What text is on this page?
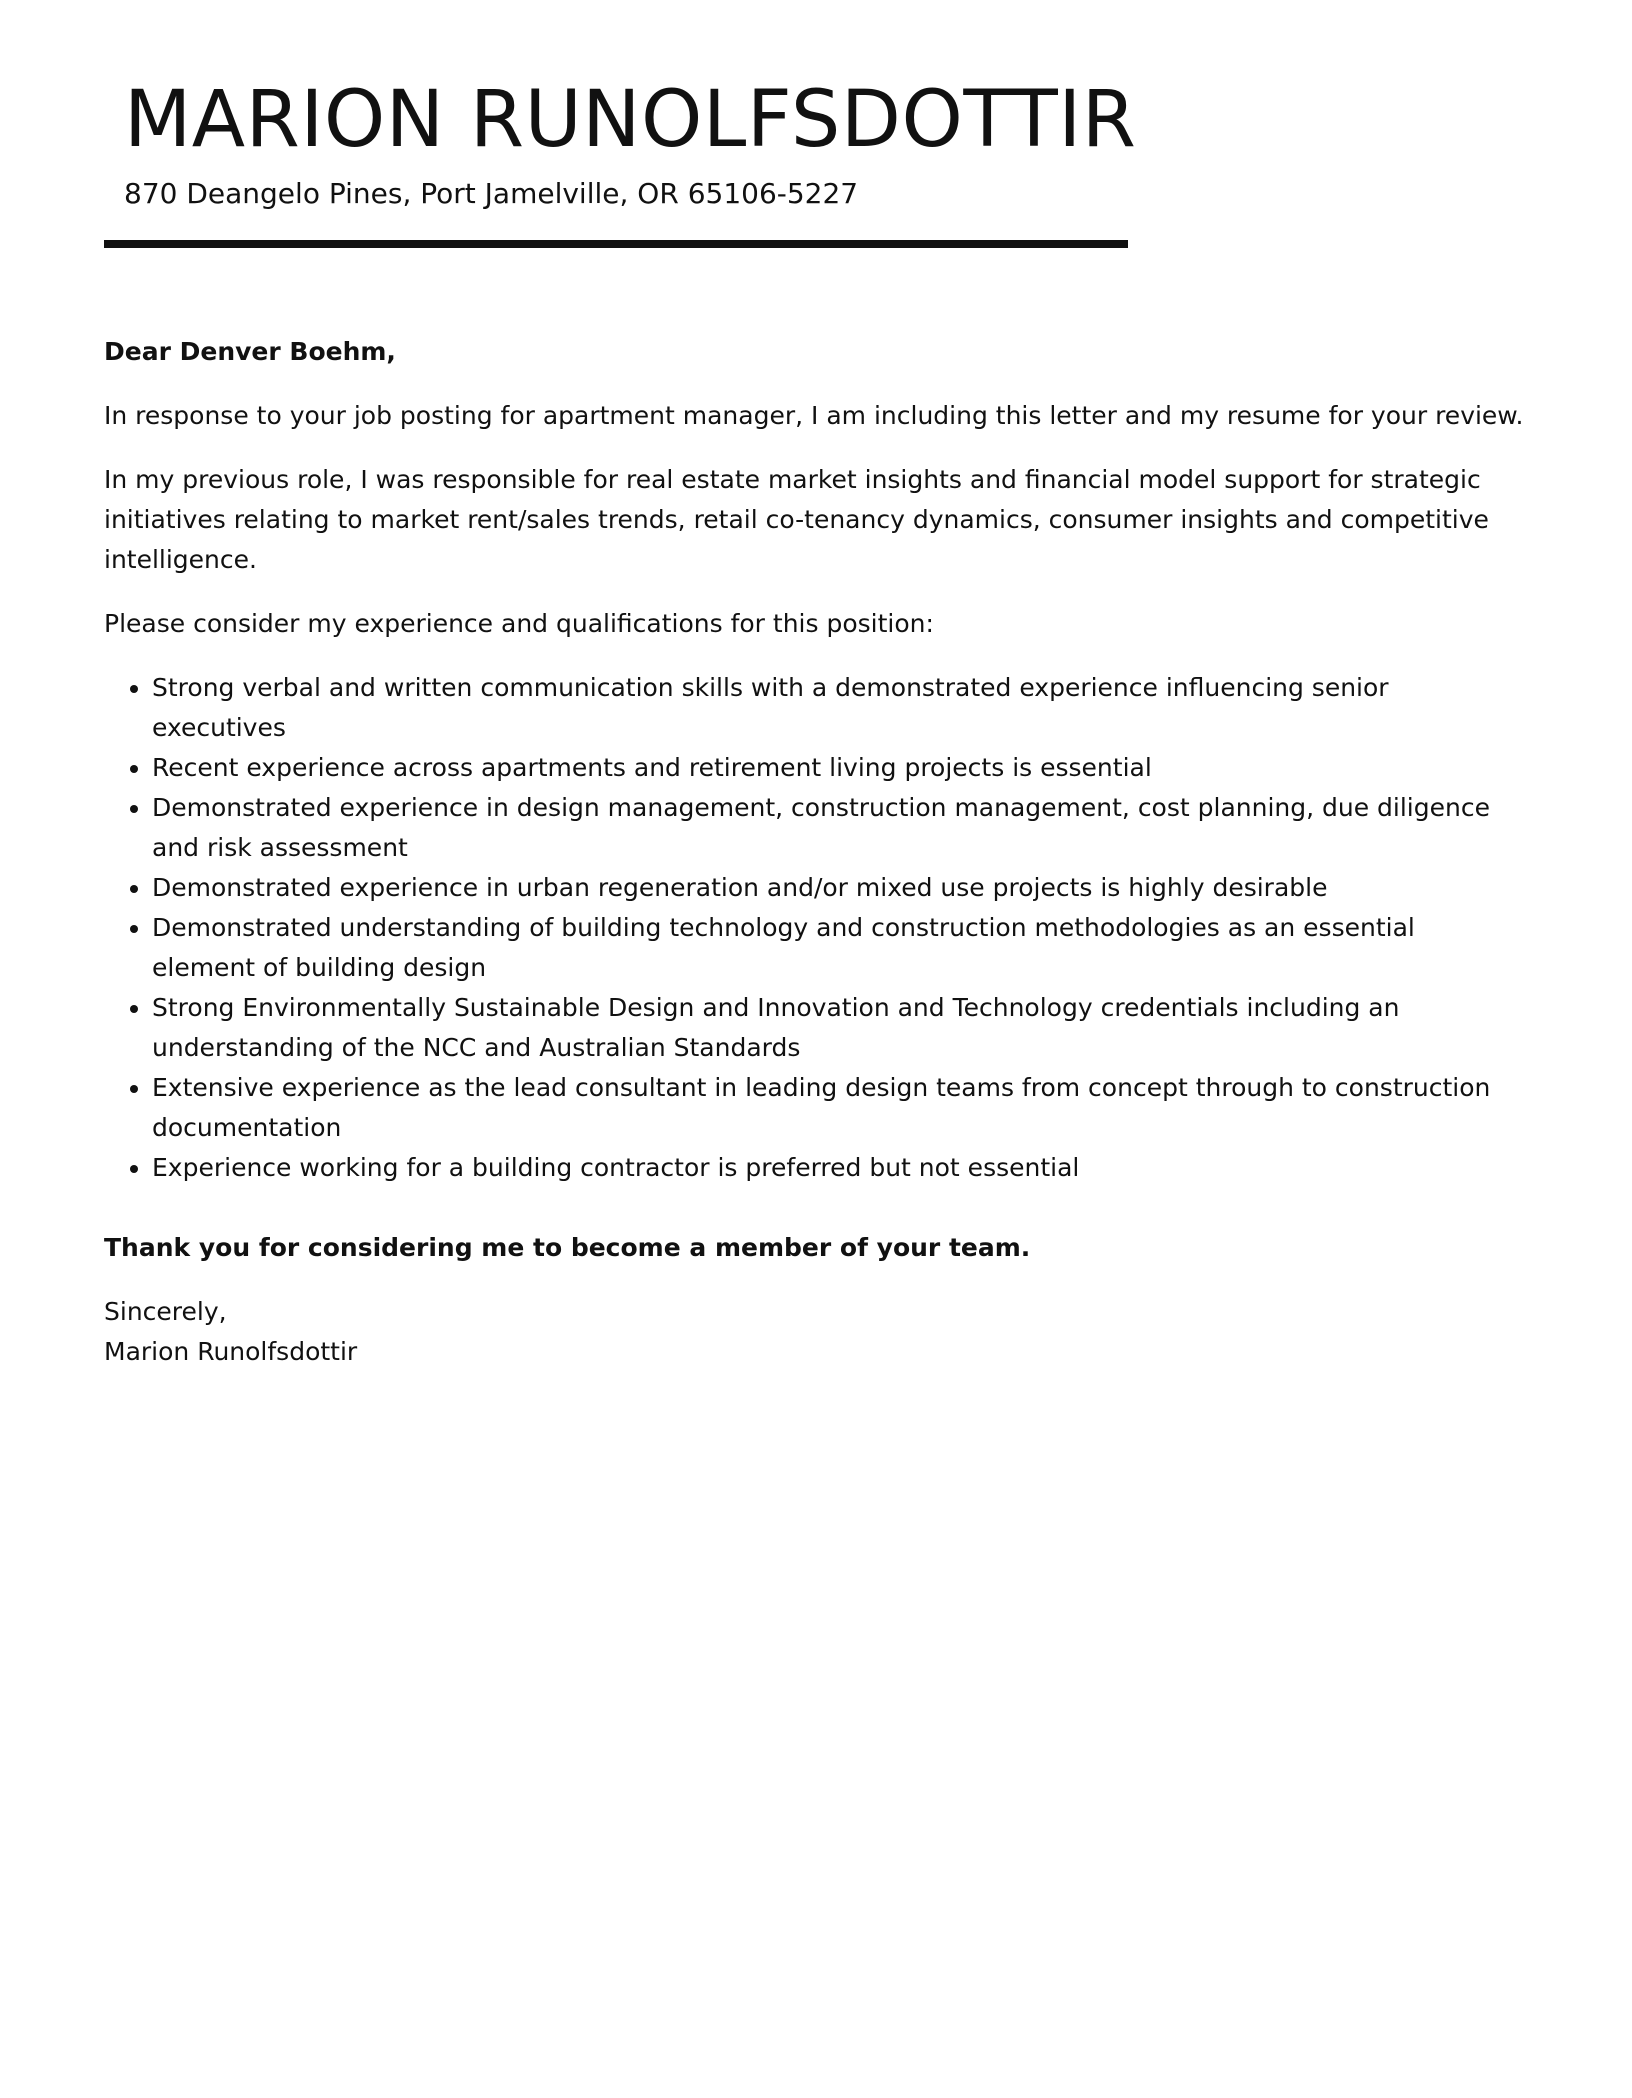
MARION RUNOLFSDOTTIR
870 Deangelo Pines, Port Jamelville, OR 65106-5227

Dear Denver Boehm,

In response to your job posting for apartment manager, I am including this letter and my resume for your review.

In my previous role, I was responsible for real estate market insights and financial model support for strategic initiatives relating to market rent/sales trends, retail co-tenancy dynamics, consumer insights and competitive intelligence.

Please consider my experience and qualifications for this position:

• Strong verbal and written communication skills with a demonstrated experience influencing senior executives
• Recent experience across apartments and retirement living projects is essential
• Demonstrated experience in design management, construction management, cost planning, due diligence and risk assessment
• Demonstrated experience in urban regeneration and/or mixed use projects is highly desirable
• Demonstrated understanding of building technology and construction methodologies as an essential element of building design
• Strong Environmentally Sustainable Design and Innovation and Technology credentials including an understanding of the NCC and Australian Standards
• Extensive experience as the lead consultant in leading design teams from concept through to construction documentation
• Experience working for a building contractor is preferred but not essential

Thank you for considering me to become a member of your team.

Sincerely,

Marion Runolfsdottir
